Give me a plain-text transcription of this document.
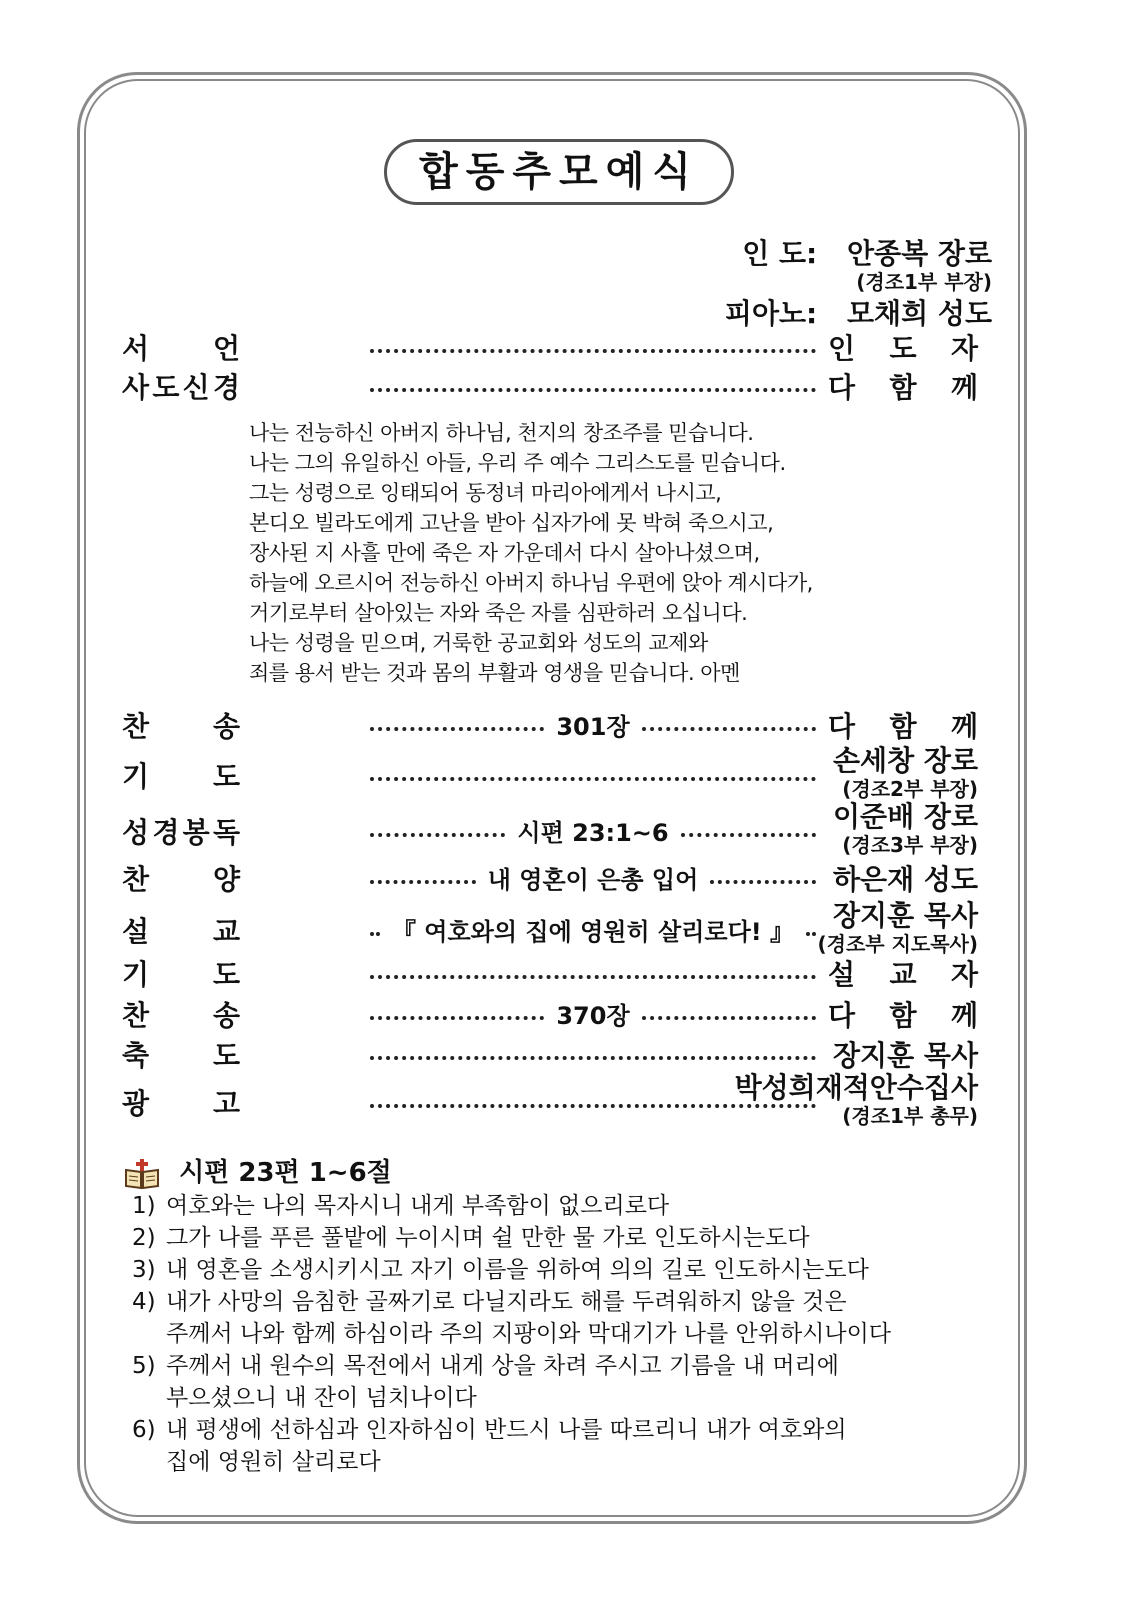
합동추모예식
인 도: 안종복 장로
(경조1부 부장)
피아노: 모채희 성도
서 언	인 도 자
사 도 신 경	다 함 께
찬 송	301장	다 함 께
기 도	손세창 장로
(경조2부 부장)
성 경 봉 독	시편 23:1~6	이준배 장로
(경조3부 부장)
찬 양	내 영혼이 은총 입어	하은재 성도
설 교	『 여호와의 집에 영원히 살리로다! 』	장지훈 목사
(경조부 지도목사)
기 도	설 교 자
찬 송	370장	다 함 께
축 도	장지훈 목사
광 고	박성희재적안수집사
(경조1부 총무)
나는 전능하신 아버지 하나님, 천지의 창조주를 믿습니다.
나는 그의 유일하신 아들, 우리 주 예수 그리스도를 믿습니다.
그는 성령으로 잉태되어 동정녀 마리아에게서 나시고,
본디오 빌라도에게 고난을 받아 십자가에 못 박혀 죽으시고,
장사된 지 사흘 만에 죽은 자 가운데서 다시 살아나셨으며,
하늘에 오르시어 전능하신 아버지 하나님 우편에 앉아 계시다가,
거기로부터 살아있는 자와 죽은 자를 심판하러 오십니다.
나는 성령을 믿으며, 거룩한 공교회와 성도의 교제와
죄를 용서 받는 것과 몸의 부활과 영생을 믿습니다. 아멘
시편 23편 1~6절
1) 여호와는 나의 목자시니 내게 부족함이 없으리로다
2) 그가 나를 푸른 풀밭에 누이시며 쉴 만한 물 가로 인도하시는도다
3) 내 영혼을 소생시키시고 자기 이름을 위하여 의의 길로 인도하시는도다
4) 내가 사망의 음침한 골짜기로 다닐지라도 해를 두려워하지 않을 것은
주께서 나와 함께 하심이라 주의 지팡이와 막대기가 나를 안위하시나이다
5) 주께서 내 원수의 목전에서 내게 상을 차려 주시고 기름을 내 머리에
부으셨으니 내 잔이 넘치나이다
6) 내 평생에 선하심과 인자하심이 반드시 나를 따르리니 내가 여호와의
집에 영원히 살리로다
